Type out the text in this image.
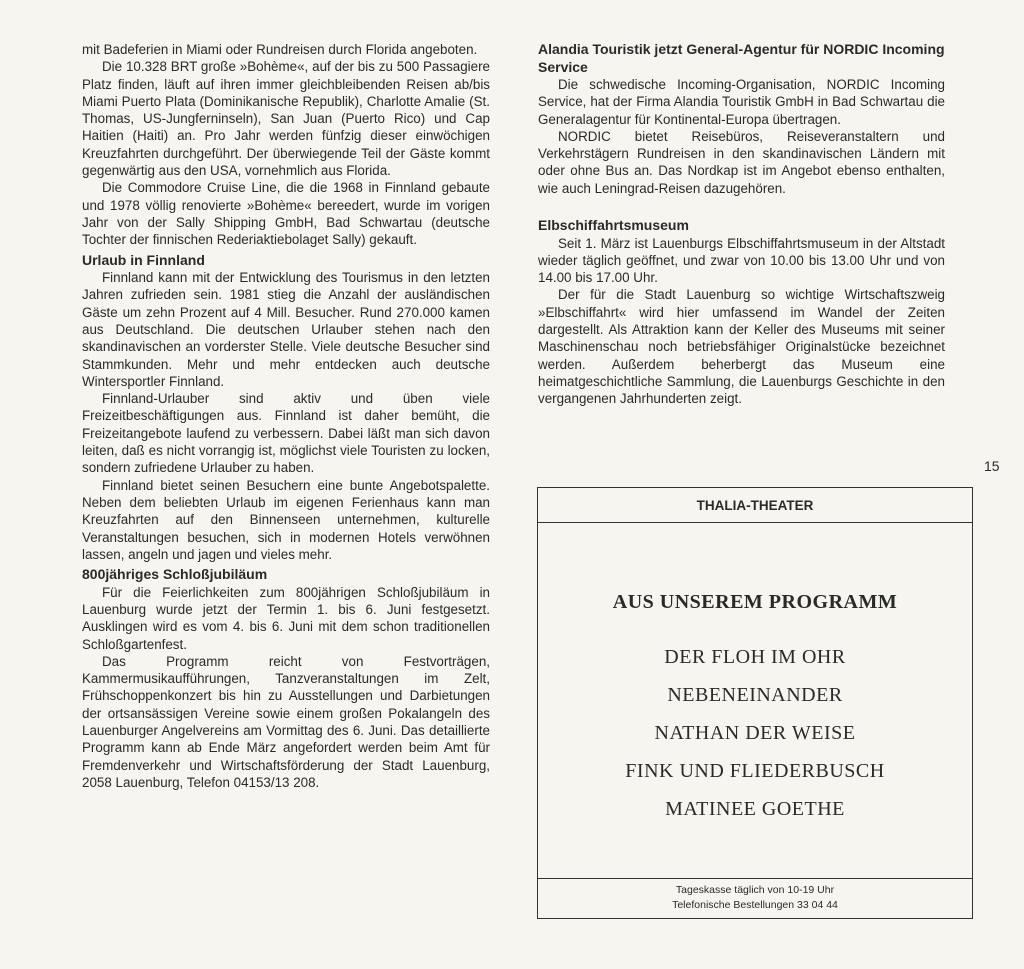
mit Badeferien in Miami oder Rundreisen durch Florida angeboten.

Die 10.328 BRT große »Bohème«, auf der bis zu 500 Passagiere Platz finden, läuft auf ihren immer gleichbleibenden Reisen ab/bis Miami Puerto Plata (Dominikanische Republik), Charlotte Amalie (St. Thomas, US-Jungferninseln), San Juan (Puerto Rico) und Cap Haitien (Haiti) an. Pro Jahr werden fünfzig dieser einwöchigen Kreuzfahrten durchgeführt. Der überwiegende Teil der Gäste kommt gegenwärtig aus den USA, vornehmlich aus Florida.

Die Commodore Cruise Line, die die 1968 in Finnland gebaute und 1978 völlig renovierte »Bohème« bereedert, wurde im vorigen Jahr von der Sally Shipping GmbH, Bad Schwartau (deutsche Tochter der finnischen Rederiaktiebolaget Sally) gekauft.

Urlaub in Finnland

Finnland kann mit der Entwicklung des Tourismus in den letzten Jahren zufrieden sein. 1981 stieg die Anzahl der ausländischen Gäste um zehn Prozent auf 4 Mill. Besucher. Rund 270.000 kamen aus Deutschland. Die deutschen Urlauber stehen nach den skandinavischen an vorderster Stelle. Viele deutsche Besucher sind Stammkunden. Mehr und mehr entdecken auch deutsche Wintersportler Finnland.

Finnland-Urlauber sind aktiv und üben viele Freizeitbeschäftigungen aus. Finnland ist daher bemüht, die Freizeitangebote laufend zu verbessern. Dabei läßt man sich davon leiten, daß es nicht vorrangig ist, möglichst viele Touristen zu locken, sondern zufriedene Urlauber zu haben.

Finnland bietet seinen Besuchern eine bunte Angebotspalette. Neben dem beliebten Urlaub im eigenen Ferienhaus kann man Kreuzfahrten auf den Binnenseen unternehmen, kulturelle Veranstaltungen besuchen, sich in modernen Hotels verwöhnen lassen, angeln und jagen und vieles mehr.

800jähriges Schloßjubiläum

Für die Feierlichkeiten zum 800jährigen Schloßjubiläum in Lauenburg wurde jetzt der Termin 1. bis 6. Juni festgesetzt. Ausklingen wird es vom 4. bis 6. Juni mit dem schon traditionellen Schloßgartenfest.

Das Programm reicht von Festvorträgen, Kammermusikaufführungen, Tanzveranstaltungen im Zelt, Frühschoppenkonzert bis hin zu Ausstellungen und Darbietungen der ortsansässigen Vereine sowie einem großen Pokalangeln des Lauenburger Angelvereins am Vormittag des 6. Juni. Das detaillierte Programm kann ab Ende März angefordert werden beim Amt für Fremdenverkehr und Wirtschaftsförderung der Stadt Lauenburg, 2058 Lauenburg, Telefon 04153/13 208.

Alandia Touristik jetzt General-Agentur für NORDIC Incoming Service

Die schwedische Incoming-Organisation, NORDIC Incoming Service, hat der Firma Alandia Touristik GmbH in Bad Schwartau die Generalagentur für Kontinental-Europa übertragen.

NORDIC bietet Reisebüros, Reiseveranstaltern und Verkehrstägern Rundreisen in den skandinavischen Ländern mit oder ohne Bus an. Das Nordkap ist im Angebot ebenso enthalten, wie auch Leningrad-Reisen dazugehören.

Elbschiffahrtsmuseum

Seit 1. März ist Lauenburgs Elbschiffahrtsmuseum in der Altstadt wieder täglich geöffnet, und zwar von 10.00 bis 13.00 Uhr und von 14.00 bis 17.00 Uhr.

Der für die Stadt Lauenburg so wichtige Wirtschaftszweig »Elbschiffahrt« wird hier umfassend im Wandel der Zeiten dargestellt. Als Attraktion kann der Keller des Museums mit seiner Maschinenschau noch betriebsfähiger Originalstücke bezeichnet werden. Außerdem beherbergt das Museum eine heimatgeschichtliche Sammlung, die Lauenburgs Geschichte in den vergangenen Jahrhunderten zeigt.

15
THALIA-THEATER
AUS UNSEREM PROGRAMM
DER FLOH IM OHR
NEBENEINANDER
NATHAN DER WEISE
FINK UND FLIEDERBUSCH
MATINEE GOETHE
Tageskasse täglich von 10-19 Uhr
Telefonische Bestellungen 33 04 44
